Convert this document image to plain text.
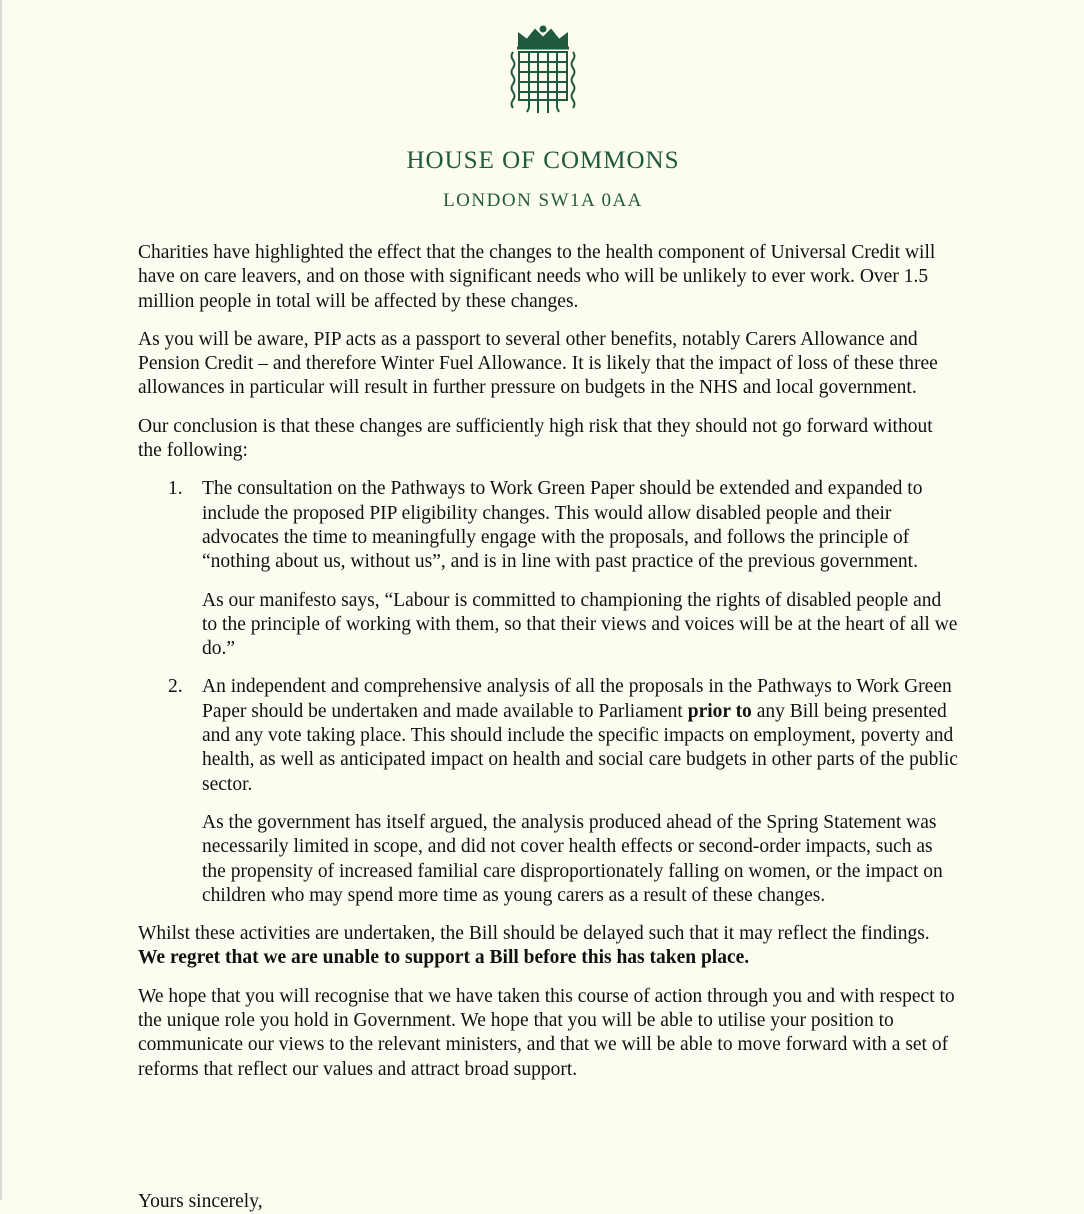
HOUSE OF COMMONS
LONDON SW1A 0AA

Charities have highlighted the effect that the changes to the health component of Universal Credit will have on care leavers, and on those with significant needs who will be unlikely to ever work. Over 1.5 million people in total will be affected by these changes.

As you will be aware, PIP acts as a passport to several other benefits, notably Carers Allowance and Pension Credit – and therefore Winter Fuel Allowance. It is likely that the impact of loss of these three allowances in particular will result in further pressure on budgets in the NHS and local government.

Our conclusion is that these changes are sufficiently high risk that they should not go forward without the following:

1. The consultation on the Pathways to Work Green Paper should be extended and expanded to include the proposed PIP eligibility changes. This would allow disabled people and their advocates the time to meaningfully engage with the proposals, and follows the principle of “nothing about us, without us”, and is in line with past practice of the previous government.

As our manifesto says, “Labour is committed to championing the rights of disabled people and to the principle of working with them, so that their views and voices will be at the heart of all we do.”

2. An independent and comprehensive analysis of all the proposals in the Pathways to Work Green Paper should be undertaken and made available to Parliament prior to any Bill being presented and any vote taking place. This should include the specific impacts on employment, poverty and health, as well as anticipated impact on health and social care budgets in other parts of the public sector.

As the government has itself argued, the analysis produced ahead of the Spring Statement was necessarily limited in scope, and did not cover health effects or second-order impacts, such as the propensity of increased familial care disproportionately falling on women, or the impact on children who may spend more time as young carers as a result of these changes.

Whilst these activities are undertaken, the Bill should be delayed such that it may reflect the findings. We regret that we are unable to support a Bill before this has taken place.

We hope that you will recognise that we have taken this course of action through you and with respect to the unique role you hold in Government. We hope that you will be able to utilise your position to communicate our views to the relevant ministers, and that we will be able to move forward with a set of reforms that reflect our values and attract broad support.

Yours sincerely,
